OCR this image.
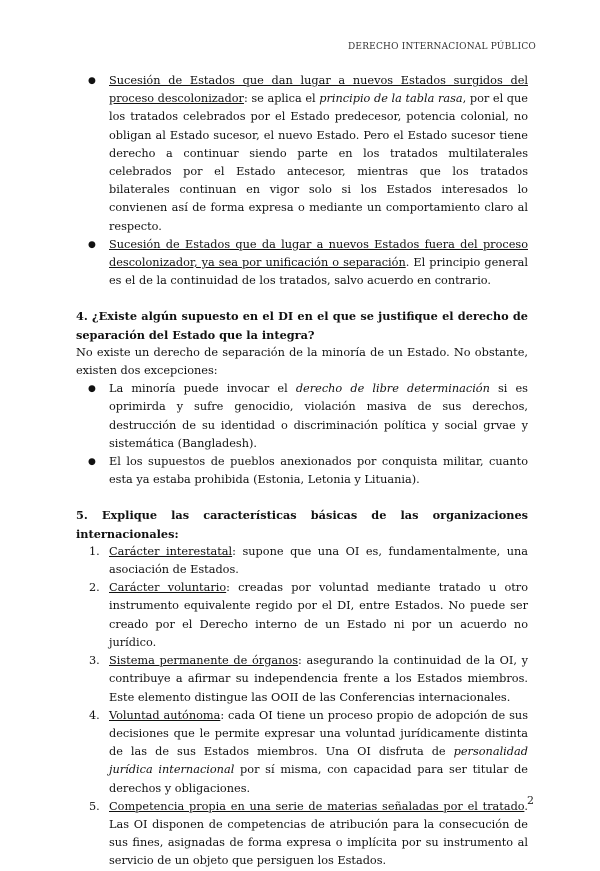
DERECHO INTERNACIONAL PÚBLICO
● Sucesión de Estados que dan lugar a nuevos Estados surgidos del proceso descolonizador: se aplica el principio de la tabla rasa, por el que los tratados celebrados por el Estado predecesor, potencia colonial, no obligan al Estado sucesor, el nuevo Estado. Pero el Estado sucesor tiene derecho a continuar siendo parte en los tratados multilaterales celebrados por el Estado antecesor, mientras que los tratados bilaterales continuan en vigor solo si los Estados interesados lo convienen así de forma expresa o mediante un comportamiento claro al respecto.
● Sucesión de Estados que da lugar a nuevos Estados fuera del proceso descolonizador, ya sea por unificación o separación. El principio general es el de la continuidad de los tratados, salvo acuerdo en contrario.
4. ¿Existe algún supuesto en el DI en el que se justifique el derecho de separación del Estado que la integra?

No existe un derecho de separación de la minoría de un Estado. No obstante, existen dos excepciones:

● La minoría puede invocar el derecho de libre determinación si es oprimirda y sufre genocidio, violación masiva de sus derechos, destrucción de su identidad o discriminación política y social grvae y sistemática (Bangladesh).
● El los supuestos de pueblos anexionados por conquista militar, cuanto esta ya estaba prohibida (Estonia, Letonia y Lituania).
5. Explique las características básicas de las organizaciones internacionales:
1. Carácter interestatal: supone que una OI es, fundamentalmente, una asociación de Estados.
2. Carácter voluntario: creadas por voluntad mediante tratado u otro instrumento equivalente regido por el DI, entre Estados. No puede ser creado por el Derecho interno de un Estado ni por un acuerdo no jurídico.
3. Sistema permanente de órganos: asegurando la continuidad de la OI, y contribuye a afirmar su independencia frente a los Estados miembros. Este elemento distingue las OOII de las Conferencias internacionales.
4. Voluntad autónoma: cada OI tiene un proceso propio de adopción de sus decisiones que le permite expresar una voluntad jurídicamente distinta de las de sus Estados miembros. Una OI disfruta de personalidad jurídica internacional por sí misma, con capacidad para ser titular de derechos y obligaciones.
5. Competencia propia en una serie de materias señaladas por el tratado. Las OI disponen de competencias de atribución para la consecución de sus fines, asignadas de forma expresa o implícita por su instrumento al servicio de un objeto que persiguen los Estados.
2
